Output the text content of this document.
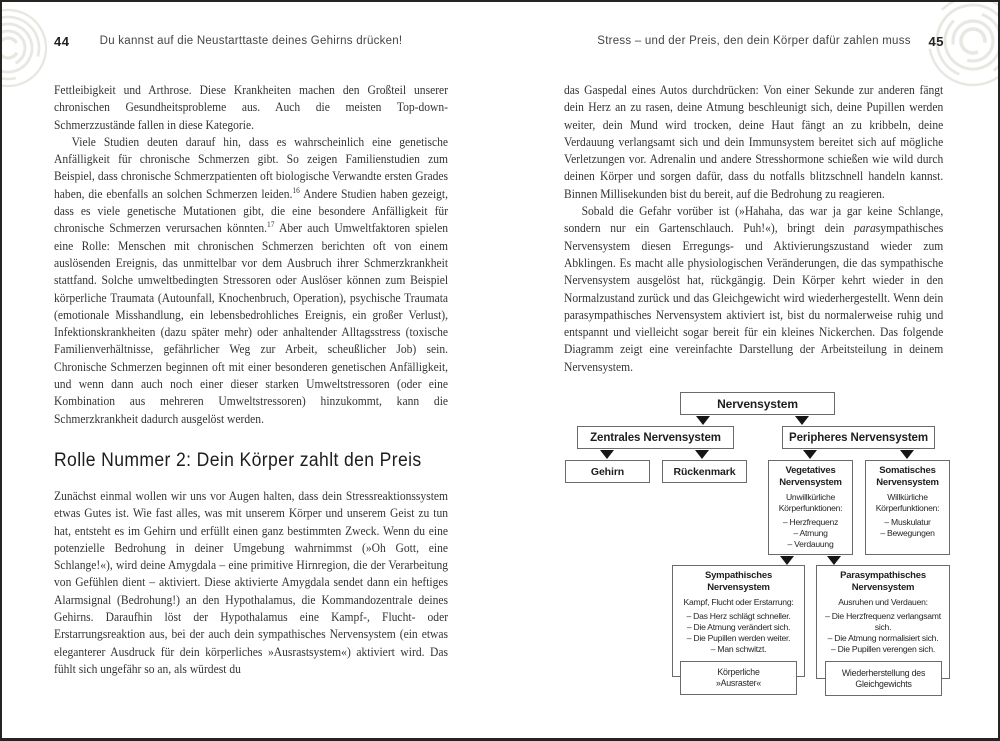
44	Du kannst auf die Neustarttaste deines Gehirns drücken!	Stress – und der Preis, den dein Körper dafür zahlen muss	45

Fettleibigkeit und Arthrose. Diese Krankheiten machen den Großteil unserer chronischen Gesundheitsprobleme aus. Auch die meisten Top-down-Schmerzzustände fallen in diese Kategorie.

Viele Studien deuten darauf hin, dass es wahrscheinlich eine genetische Anfälligkeit für chronische Schmerzen gibt. So zeigen Familienstudien zum Beispiel, dass chronische Schmerzpatienten oft biologische Verwandte ersten Grades haben, die ebenfalls an solchen Schmerzen leiden.$^{16}$ Andere Studien haben gezeigt, dass es viele genetische Mutationen gibt, die eine besondere Anfälligkeit für chronische Schmerzen verursachen könnten.$^{17}$ Aber auch Umweltfaktoren spielen eine Rolle: Menschen mit chronischen Schmerzen berichten oft von einem auslösenden Ereignis, das unmittelbar vor dem Ausbruch ihrer Schmerzkrankheit stattfand. Solche umweltbedingten Stressoren oder Auslöser können zum Beispiel körperliche Traumata (Autounfall, Knochenbruch, Operation), psychische Traumata (emotionale Misshandlung, ein lebensbedrohliches Ereignis, ein großer Verlust), Infektionskrankheiten (dazu später mehr) oder anhaltender Alltagsstress (toxische Familienverhältnisse, gefährlicher Weg zur Arbeit, scheußlicher Job) sein. Chronische Schmerzen beginnen oft mit einer besonderen genetischen Anfälligkeit, und wenn dann auch noch einer dieser starken Umweltstressoren (oder eine Kombination aus mehreren Umweltstressoren) hinzukommt, kann die Schmerzkrankheit dadurch ausgelöst werden.

Rolle Nummer 2: Dein Körper zahlt den Preis

Zunächst einmal wollen wir uns vor Augen halten, dass dein Stressreaktionssystem etwas Gutes ist. Wie fast alles, was mit unserem Körper und unserem Geist zu tun hat, entsteht es im Gehirn und erfüllt einen ganz bestimmten Zweck. Wenn du eine potenzielle Bedrohung in deiner Umgebung wahrnimmst (»Oh Gott, eine Schlange!«), wird deine Amygdala – eine primitive Hirnregion, die der Verarbeitung von Gefühlen dient – aktiviert. Diese aktivierte Amygdala sendet dann ein heftiges Alarmsignal (Bedrohung!) an den Hypothalamus, die Kommandozentrale deines Gehirns. Daraufhin löst der Hypothalamus eine Kampf-, Flucht- oder Erstarrungsreaktion aus, bei der auch dein sympathisches Nervensystem (ein etwas eleganterer Ausdruck für dein körperliches »Ausrastsystem«) aktiviert wird. Das fühlt sich ungefähr so an, als würdest du

das Gaspedal eines Autos durchdrücken: Von einer Sekunde zur anderen fängt dein Herz an zu rasen, deine Atmung beschleunigt sich, deine Pupillen werden weiter, dein Mund wird trocken, deine Haut fängt an zu kribbeln, deine Verdauung verlangsamt sich und dein Immunsystem bereitet sich auf mögliche Verletzungen vor. Adrenalin und andere Stresshormone schießen wie wild durch deinen Körper und sorgen dafür, dass du notfalls blitzschnell handeln kannst. Binnen Millisekunden bist du bereit, auf die Bedrohung zu reagieren.

Sobald die Gefahr vorüber ist (»Hahaha, das war ja gar keine Schlange, sondern nur ein Gartenschlauch. Puh!«), bringt dein parasympathisches Nervensystem diesen Erregungs- und Aktivierungszustand wieder zum Abklingen. Es macht alle physiologischen Veränderungen, die das sympathische Nervensystem ausgelöst hat, rückgängig. Dein Körper kehrt wieder in den Normalzustand zurück und das Gleichgewicht wird wiederhergestellt. Wenn dein parasympathisches Nervensystem aktiviert ist, bist du normalerweise ruhig und entspannt und vielleicht sogar bereit für ein kleines Nickerchen. Das folgende Diagramm zeigt eine vereinfachte Darstellung der Arbeitsteilung in deinem Nervensystem.

Nervensystem
Zentrales Nervensystem	Peripheres Nervensystem
Gehirn	Rückenmark	Vegetatives Nervensystem
Unwillkürliche Körperfunktionen:
– Herzfrequenz
– Atmung
– Verdauung
Somatisches Nervensystem
Willkürliche Körperfunktionen:
– Muskulatur
– Bewegungen
Sympathisches Nervensystem
Kampf, Flucht oder Erstarrung:
– Das Herz schlägt schneller.
– Die Atmung verändert sich.
– Die Pupillen werden weiter.
– Man schwitzt.
Parasympathisches Nervensystem
Ausruhen und Verdauen:
– Die Herzfrequenz verlangsamt sich.
– Die Atmung normalisiert sich.
– Die Pupillen verengen sich.
Körperliche »Ausraster«
Wiederherstellung des Gleichgewichts
